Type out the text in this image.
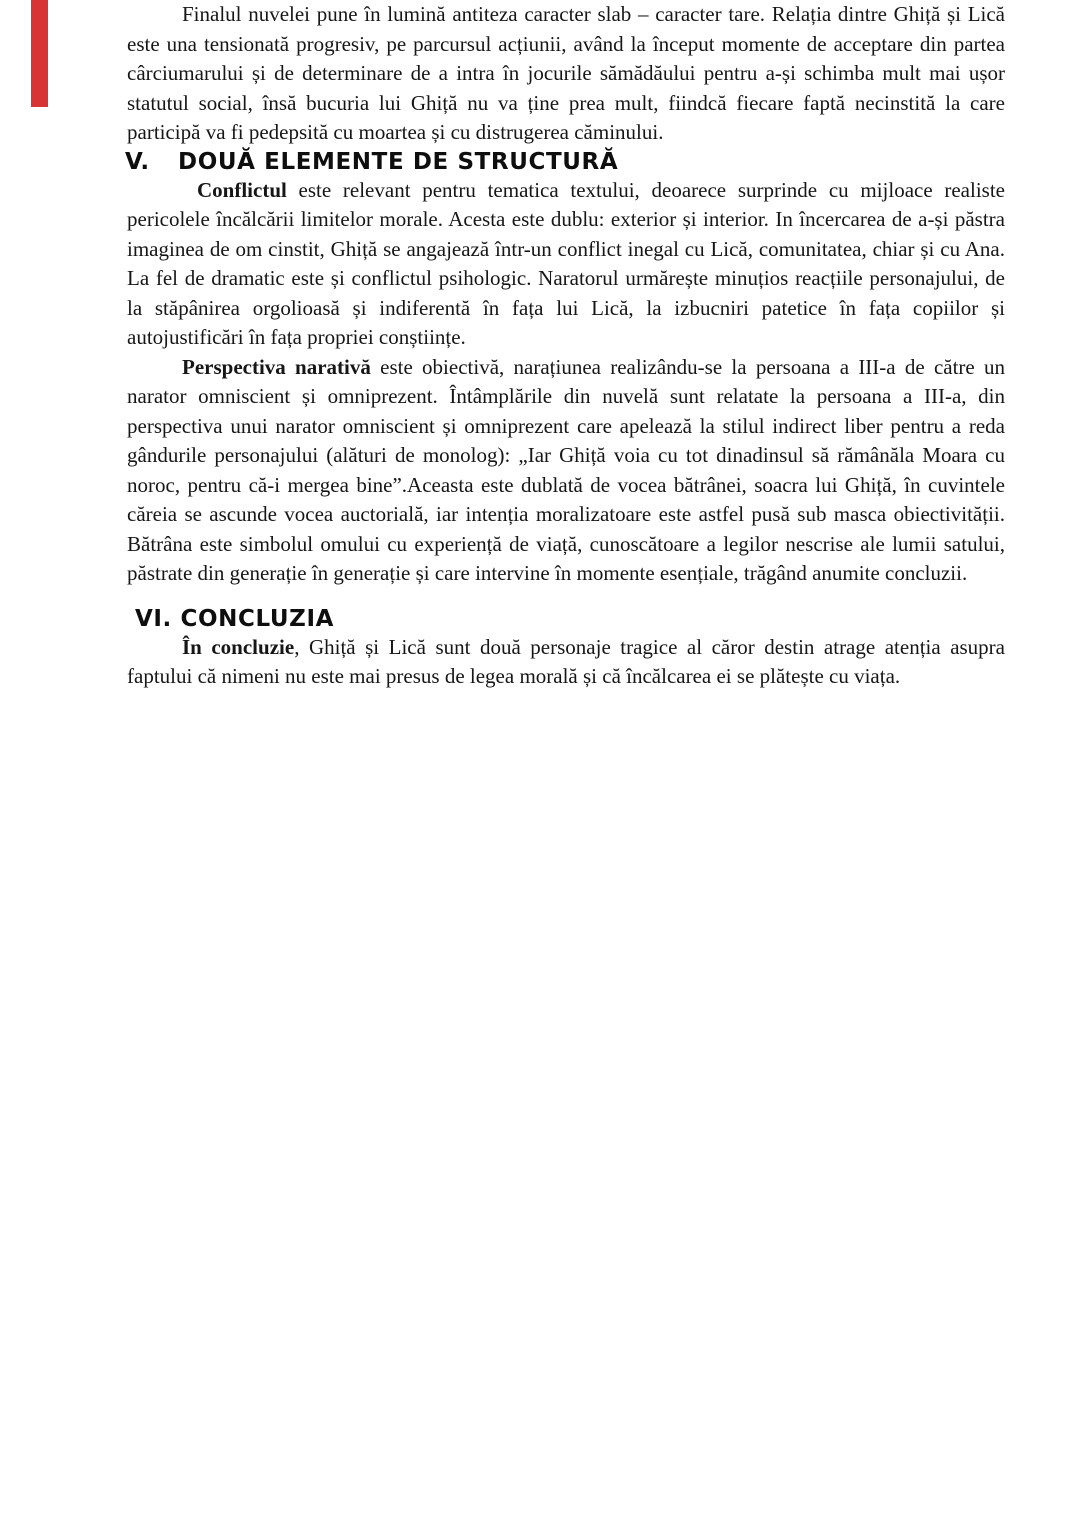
Finalul nuvelei pune în lumină antiteza caracter slab – caracter tare. Relația dintre Ghiță și Lică este una tensionată progresiv, pe parcursul acțiunii, având la început momente de acceptare din partea cârciumarului și de determinare de a intra în jocurile sămădăului pentru a-și schimba mult mai ușor statutul social, însă bucuria lui Ghiță nu va ține prea mult, fiindcă fiecare faptă necinstită la care participă va fi pedepsită cu moartea și cu distrugerea căminului.

V. DOUĂ ELEMENTE DE STRUCTURĂ

Conflictul este relevant pentru tematica textului, deoarece surprinde cu mijloace realiste pericolele încălcării limitelor morale. Acesta este dublu: exterior și interior. In încercarea de a-și păstra imaginea de om cinstit, Ghiță se angajează într-un conflict inegal cu Lică, comunitatea, chiar și cu Ana. La fel de dramatic este și conflictul psihologic. Naratorul urmărește minuțios reacțiile personajului, de la stăpânirea orgolioasă și indiferentă în fața lui Lică, la izbucniri patetice în fața copiilor și autojustificări în fața propriei conștiințe.

Perspectiva narativă este obiectivă, narațiunea realizându-se la persoana a III-a de către un narator omniscient și omniprezent. Întâmplările din nuvelă sunt relatate la persoana a III-a, din perspectiva unui narator omniscient și omniprezent care apelează la stilul indirect liber pentru a reda gândurile personajului (alături de monolog): „Iar Ghiță voia cu tot dinadinsul să rămânăla Moara cu noroc, pentru că-i mergea bine”.Aceasta este dublată de vocea bătrânei, soacra lui Ghiță, în cuvintele căreia se ascunde vocea auctorială, iar intenția moralizatoare este astfel pusă sub masca obiectivității. Bătrâna este simbolul omului cu experiență de viață, cunoscătoare a legilor nescrise ale lumii satului, păstrate din generație în generație și care intervine în momente esențiale, trăgând anumite concluzii.

VI. CONCLUZIA

În concluzie, Ghiță și Lică sunt două personaje tragice al căror destin atrage atenția asupra faptului că nimeni nu este mai presus de legea morală și că încălcarea ei se plătește cu viața.
